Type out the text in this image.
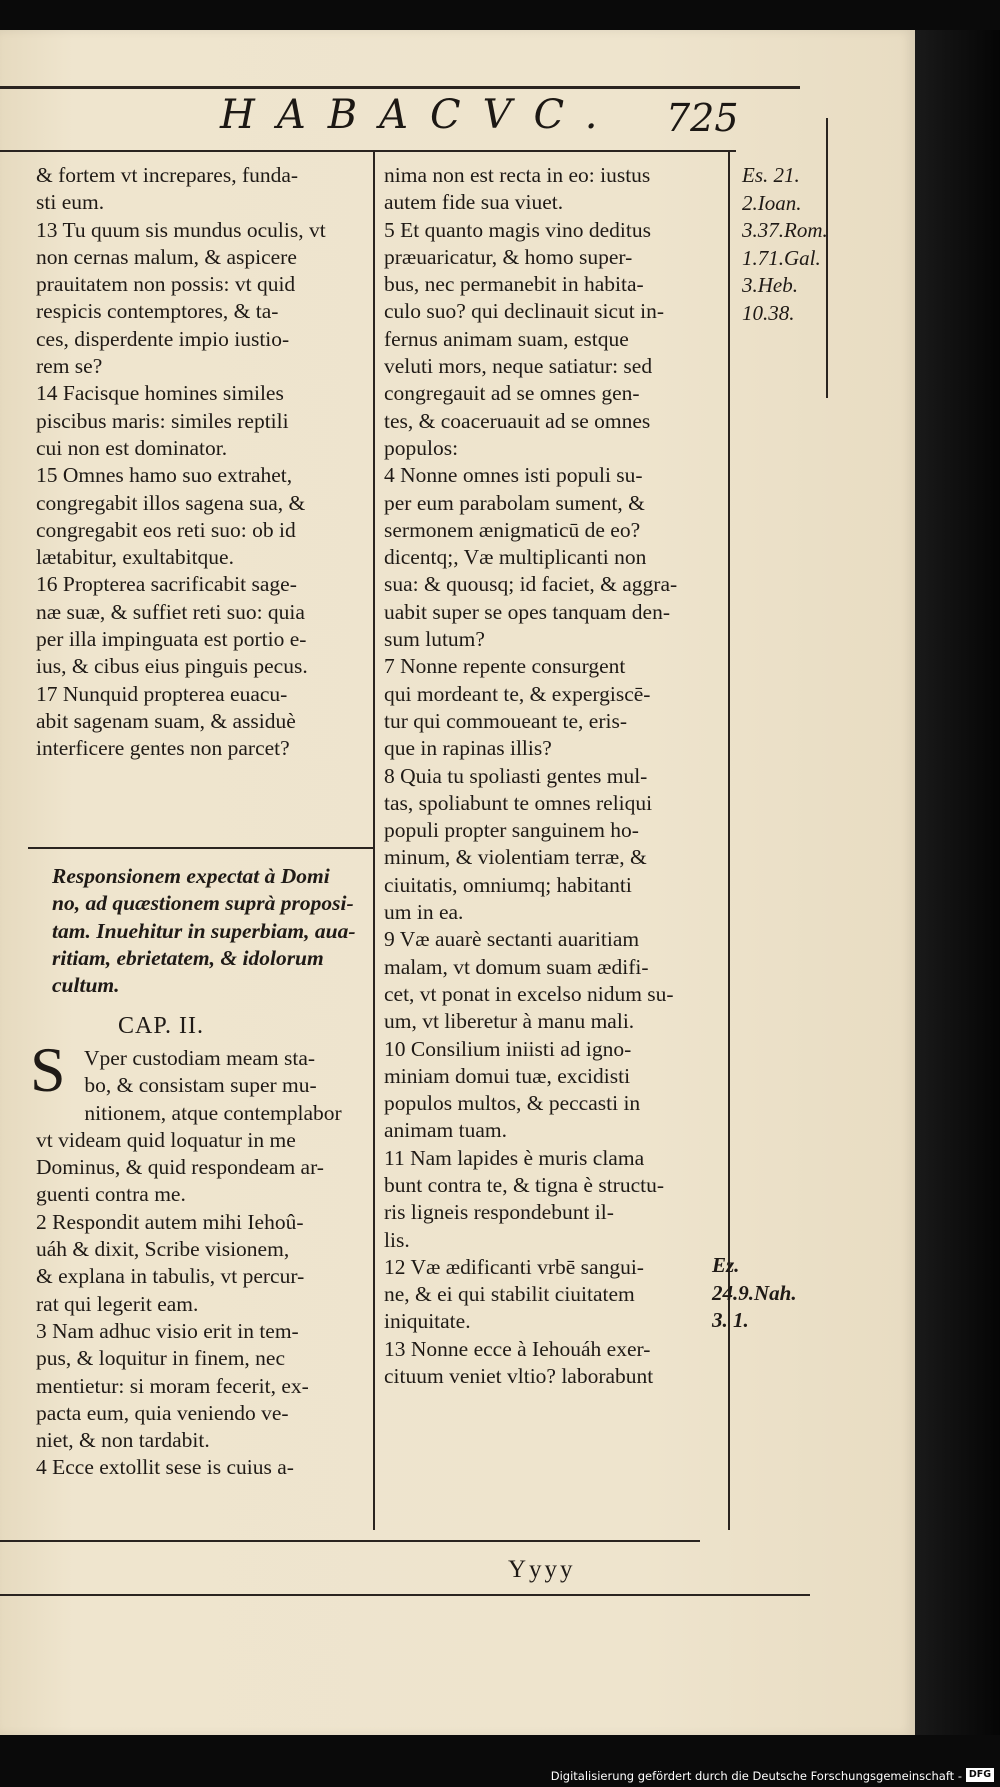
HABACVC. 725
& fortem vt increpares, funda-
sti eum.
13 Tu quum sis mundus oculis, vt
non cernas malum, & aspicere
prauitatem non possis: vt quid
respicis contemptores, & ta-
ces, disperdente impio iustio-
rem se?
14 Facisque homines similes
piscibus maris: similes reptili
cui non est dominator.
15 Omnes hamo suo extrahet,
congregabit illos sagena sua, &
congregabit eos reti suo: ob id
lætabitur, exultabitque.
16 Propterea sacrificabit sage-
næ suæ, & suffiet reti suo: quia
per illa impinguata est portio e-
ius, & cibus eius pinguis pecus.
17 Nunquid propterea euacu-
abit sagenam suam, & assiduè
interficere gentes non parcet?
Responsionem expectat à Domi
no, ad quæstionem suprà proposi-
tam. Inuehitur in superbiam, aua-
ritiam, ebrietatem, & idolorum
cultum.
CAP. II.
S
   Vper custodiam meam sta-
   bo, & consistam super mu-
   nitionem, atque contemplabor
vt videam quid loquatur in me
Dominus, & quid respondeam ar-
guenti contra me.
2 Respondit autem mihi Iehoû-
uáh & dixit, Scribe visionem,
& explana in tabulis, vt percur-
rat qui legerit eam.
3 Nam adhuc visio erit in tem-
pus, & loquitur in finem, nec
mentietur: si moram fecerit, ex-
pacta eum, quia veniendo ve-
niet, & non tardabit.
4 Ecce extollit sese is cuius a-
nima non est recta in eo: iustus
autem fide sua viuet.
5 Et quanto magis vino deditus
præuaricatur, & homo super-
bus, nec permanebit in habita-
culo suo? qui declinauit sicut in-
fernus animam suam, estque
veluti mors, neque satiatur: sed
congregauit ad se omnes gen-
tes, & coaceruauit ad se omnes
populos:
4 Nonne omnes isti populi su-
per eum parabolam sument, &
sermonem ænigmaticū de eo?
dicentq;, Væ multiplicanti non
sua: & quousq; id faciet, & aggra-
uabit super se opes tanquam den-
sum lutum?
7 Nonne repente consurgent
qui mordeant te, & expergiscē-
tur qui commoueant te, eris-
que in rapinas illis?
8 Quia tu spoliasti gentes mul-
tas, spoliabunt te omnes reliqui
populi propter sanguinem ho-
minum, & violentiam terræ, &
ciuitatis, omniumq; habitanti
um in ea.
9 Væ auarè sectanti auaritiam
malam, vt domum suam ædifi-
cet, vt ponat in excelso nidum su-
um, vt liberetur à manu mali.
10 Consilium iniisti ad igno-
miniam domui tuæ, excidisti
populos multos, & peccasti in
animam tuam.
11 Nam lapides è muris clama
bunt contra te, & tigna è structu-
ris ligneis respondebunt il-
lis.
12 Væ ædificanti vrbē sangui-
ne, & ei qui stabilit ciuitatem
iniquitate.
13 Nonne ecce à Iehouáh exer-
cituum veniet vltio? laborabunt
Es. 21. 2.Ioan. 3.37.Rom. 1.71.Gal. 3.Heb. 10.38.
Ez. 24.9.Nah. 3. 1.
Yyyy
Digitalisierung gefördert durch die Deutsche Forschungsgemeinschaft - DFG
